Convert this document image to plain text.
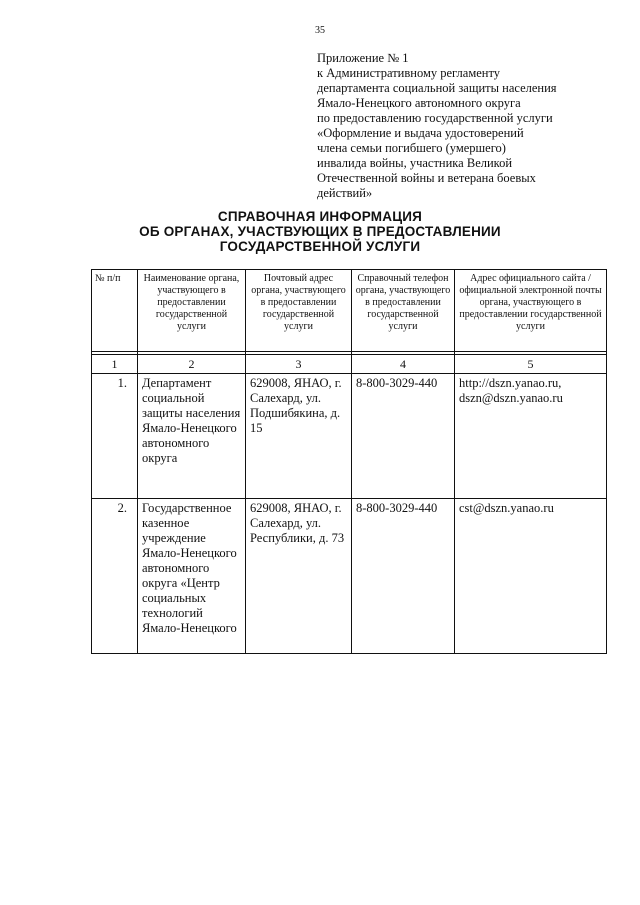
35
Приложение № 1
к Административному регламенту
департамента социальной защиты населения
Ямало-Ненецкого автономного округа
по предоставлению государственной услуги
«Оформление и выдача удостоверений
члена семьи погибшего (умершего)
инвалида войны, участника Великой
Отечественной войны и ветерана боевых
действий»
СПРАВОЧНАЯ ИНФОРМАЦИЯ
ОБ ОРГАНАХ, УЧАСТВУЮЩИХ В ПРЕДОСТАВЛЕНИИ
ГОСУДАРСТВЕННОЙ УСЛУГИ
№ п/п	Наименование органа, участвующего в предоставлении государственной услуги	Почтовый адрес органа, участвующего в предоставлении государственной услуги	Справочный телефон органа, участвующего в предоставлении государственной услуги	Адрес официального сайта /официальной электронной почты органа, участвующего в предоставлении государственной услуги

1	2	3	4	5
1.	Департамент социальной защиты населения Ямало-Ненецкого автономного округа	629008, ЯНАО, г. Салехард, ул. Подшибякина, д. 15	8-800-3029-440	http://dszn.yanao.ru, dszn@dszn.yanao.ru
2.	Государственное казенное учреждение Ямало-Ненецкого автономного округа «Центр социальных технологий Ямало-Ненецкого	629008, ЯНАО, г. Салехард, ул. Республики, д. 73	8-800-3029-440	cst@dszn.yanao.ru
